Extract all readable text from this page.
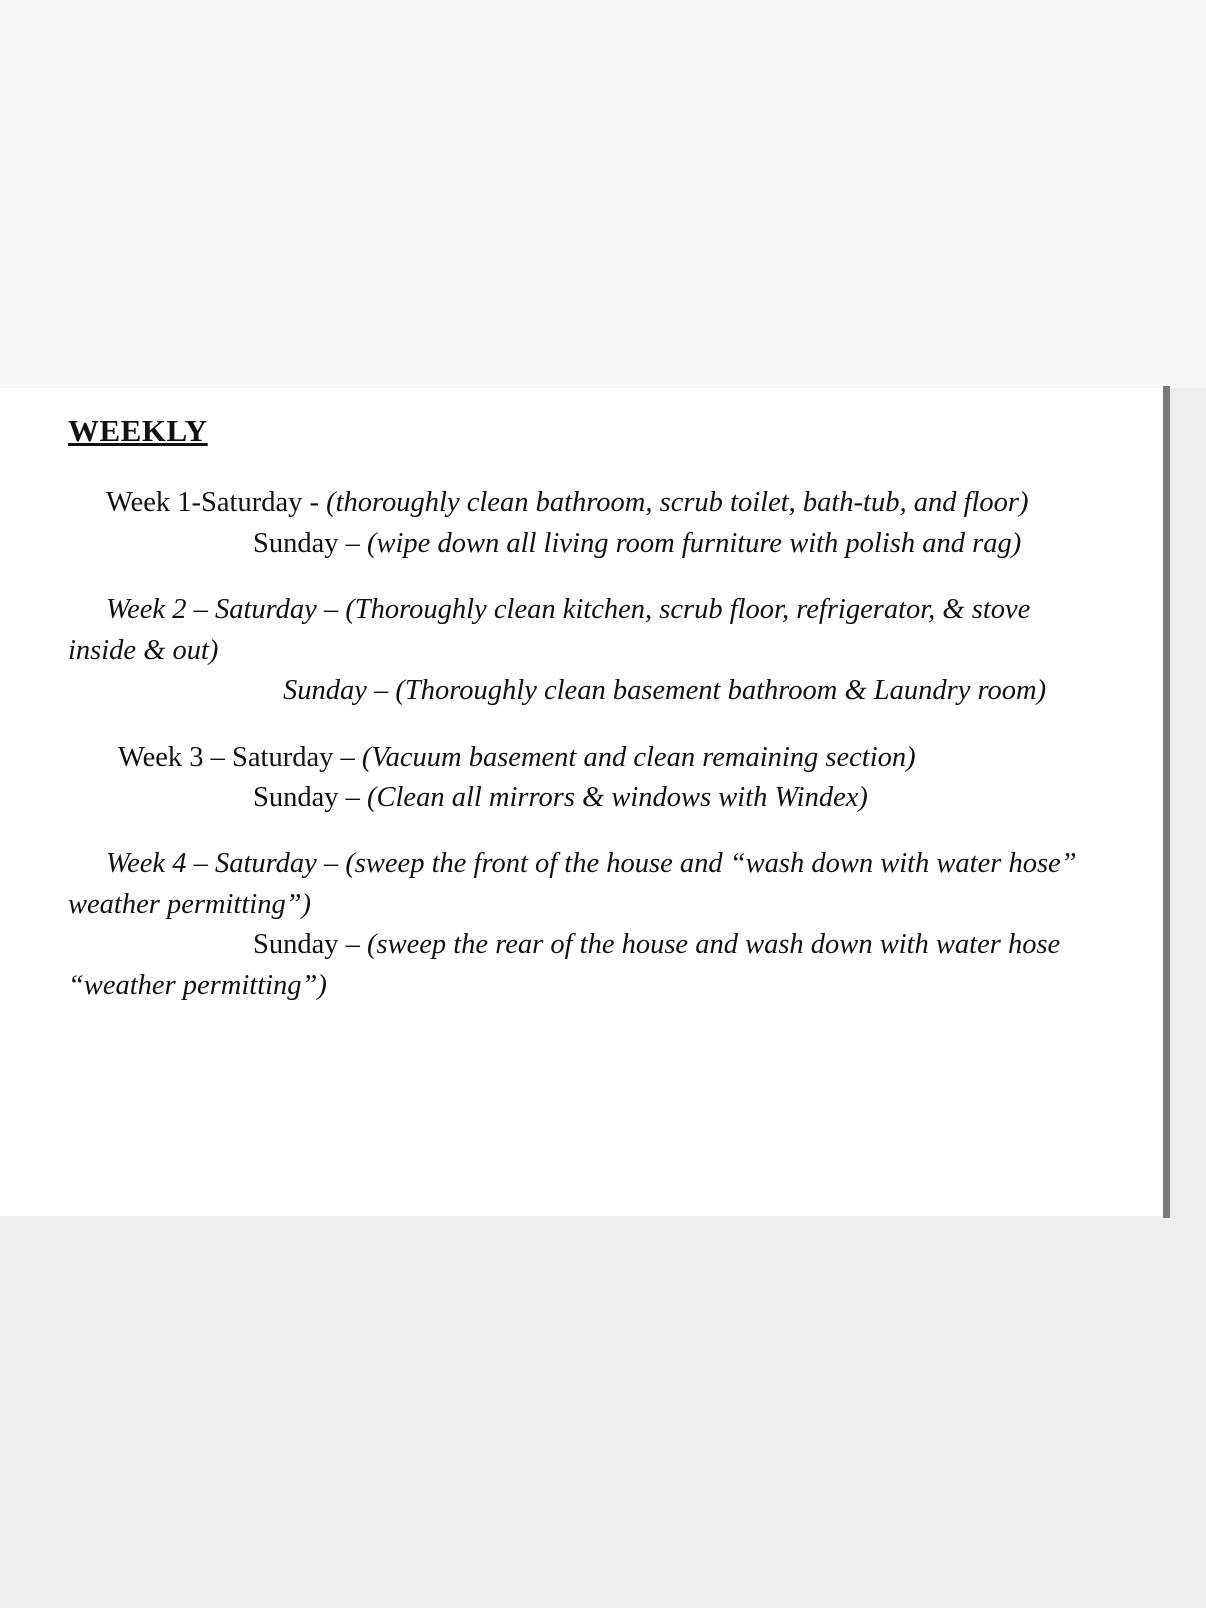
WEEKLY

Week 1-Saturday - (thoroughly clean bathroom, scrub toilet, bath-tub, and floor)

Sunday – (wipe down all living room furniture with polish and rag)

Week 2 – Saturday – (Thoroughly clean kitchen, scrub floor, refrigerator, & stove inside & out)

Sunday – (Thoroughly clean basement bathroom & Laundry room)

Week 3 – Saturday – (Vacuum basement and clean remaining section)

Sunday – (Clean all mirrors & windows with Windex)

Week 4 – Saturday – (sweep the front of the house and “wash down with water hose” weather permitting”)

Sunday – (sweep the rear of the house and wash down with water hose “weather permitting”)
